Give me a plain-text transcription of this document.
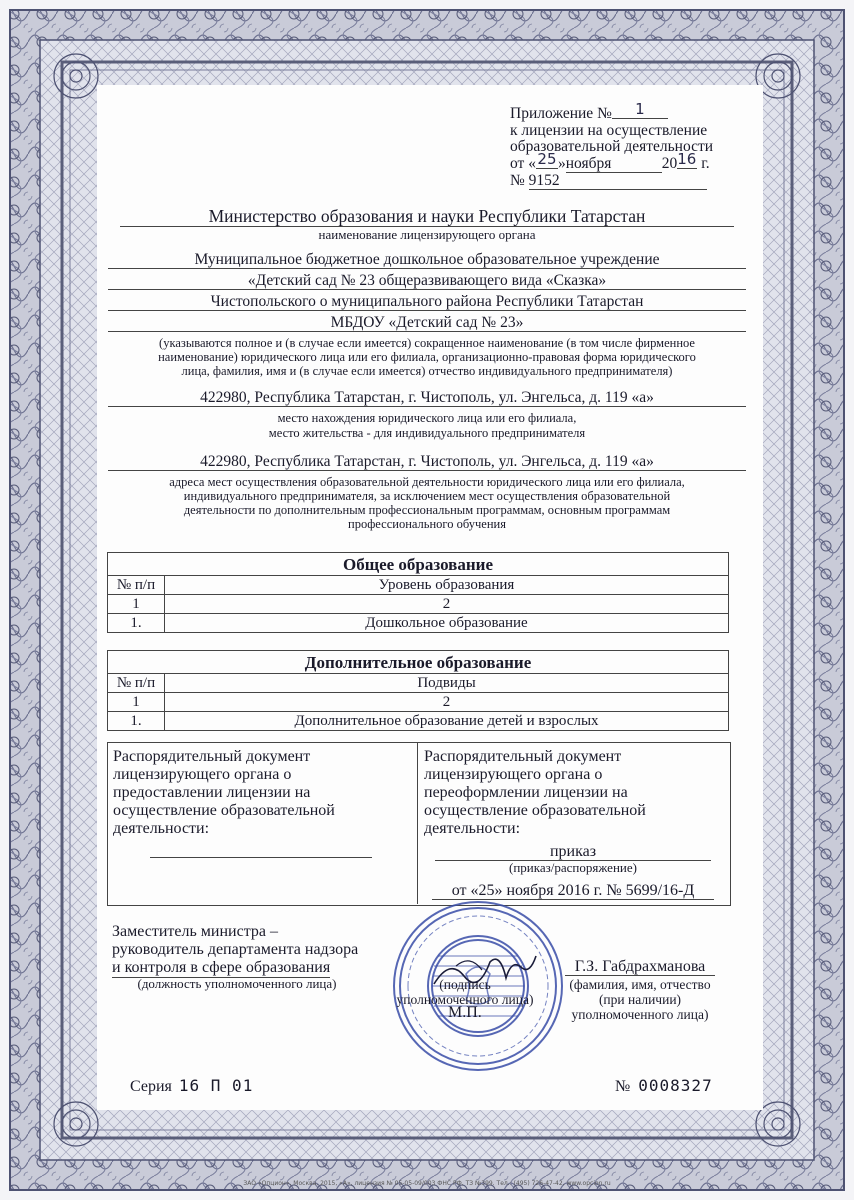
Приложение № 1
к лицензии на осуществление
образовательной деятельности
от «25»ноября	2016 г.
№ 9152
Министерство образования и науки Республики Татарстан
наименование лицензирующего органа
Муниципальное бюджетное дошкольное образовательное учреждение
«Детский сад № 23 общеразвивающего вида «Сказка»
Чистопольского о муниципального района Республики Татарстан
МБДОУ «Детский сад № 23»
(указываются полное и (в случае если имеется) сокращенное наименование (в том числе фирменное
наименование) юридического лица или его филиала, организационно-правовая форма юридического
лица, фамилия, имя и (в случае если имеется) отчество индивидуального предпринимателя)
422980, Республика Татарстан, г. Чистополь, ул. Энгельса, д. 119 «а»
место нахождения юридического лица или его филиала,
место жительства - для индивидуального предпринимателя
422980, Республика Татарстан, г. Чистополь, ул. Энгельса, д. 119 «а»
адреса мест осуществления образовательной деятельности юридического лица или его филиала,
индивидуального предпринимателя, за исключением мест осуществления образовательной
деятельности по дополнительным профессиональным программам, основным программам
профессионального обучения
Общее образование	
№ п/п	Уровень образования
1	2
1.	Дошкольное образование
Дополнительное образование	
№ п/п	Подвиды
1	2
1.	Дополнительное образование детей и взрослых
Распорядительный документ
лицензирующего органа о
предоставлении лицензии на
осуществление образовательной
деятельности:
Распорядительный документ
лицензирующего органа о
переоформлении лицензии на
осуществление образовательной
деятельности:
приказ
(приказ/распоряжение)
от «25» ноября 2016 г. № 5699/16-Д
Заместитель министра –
руководитель департамента надзора
и контроля в сфере образования
(должность уполномоченного лица)	(подпись
уполномоченного лица)
М.П.
Г.З. Габдрахманова
(фамилия, имя, отчество
(при наличии)
уполномоченного лица)
Серия 16 П 01	№ 0008327
ЗАО «Опцион», Москва, 2015, «А», лицензия № 05-05-09/003 ФНС РФ, ТЗ №399. Тел.: (495) 726-47-42, www.opcion.ru
